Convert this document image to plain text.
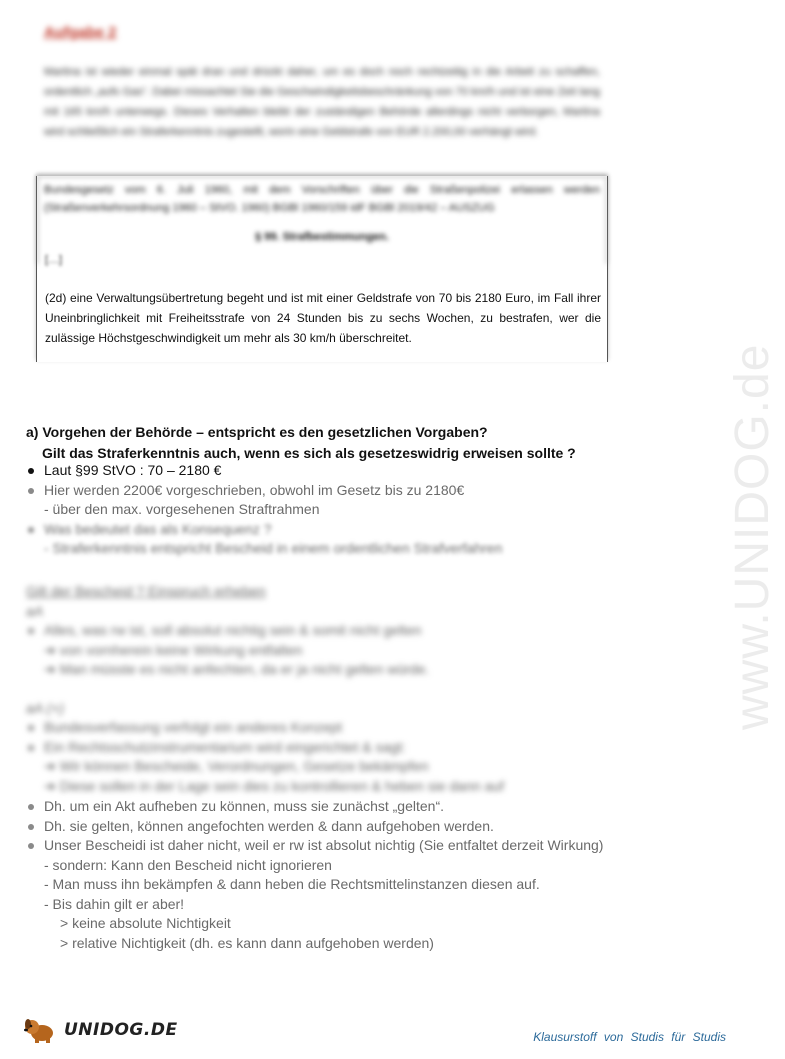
Aufgabe 2
Martina ist wieder einmal spät dran und drückt daher, um es doch noch rechtzeitig in die Arbeit zu schaffen, ordentlich „aufs Gas“. Dabei missachtet Sie die Geschwindigkeitsbeschränkung von 70 km/h und ist eine Zeit lang mit 165 km/h unterwegs. Dieses Verhalten bleibt der zuständigen Behörde allerdings nicht verborgen, Martina wird schließlich ein Straferkenntnis zugestellt, worin eine Geldstrafe von EUR 2.200,00 verhängt wird.
Bundesgesetz vom 6. Juli 1960, mit dem Vorschriften über die Straßenpolizei erlassen werden (Straßenverkehrsordnung 1960 – StVO. 1960) BGBl 1960/159 idF BGBl 2019/42 – AUSZUG
§ 99. Strafbestimmungen.
[…]
(2d) eine Verwaltungsübertretung begeht und ist mit einer Geldstrafe von 70 bis 2180 Euro, im Fall ihrer Uneinbringlichkeit mit Freiheitsstrafe von 24 Stunden bis zu sechs Wochen, zu bestrafen, wer die zulässige Höchstgeschwindigkeit um mehr als 30 km/h überschreitet.
a) Vorgehen der Behörde – entspricht es den gesetzlichen Vorgaben?
Gilt das Straferkenntnis auch, wenn es sich als gesetzeswidrig erweisen sollte ?
Laut §99 StVO : 70 – 2180 €
Hier werden 2200€ vorgeschrieben, obwohl im Gesetz bis zu 2180€
- über den max. vorgesehenen Straftrahmen
Was bedeutet das als Konsequenz ?
- Straferkenntnis entspricht Bescheid in einem ordentlichen Strafverfahren
Gilt der Bescheid ? Einspruch erheben
aA
Alles, was rw ist, soll absolut nichtig sein & somit nicht gelten
➔ von vornherein keine Wirkung entfalten
➔ Man müsste es nicht anfechten, da er ja nicht gelten würde.
aA (+)
Bundesverfassung verfolgt ein anderes Konzept
Ein Rechtsschutzinstrumentarium wird eingerichtet & sagt:
➔ Wir können Bescheide, Verordnungen, Gesetze bekämpfen
➔ Diese sollen in der Lage sein dies zu kontrollieren & heben sie dann auf
Dh. um ein Akt aufheben zu können, muss sie zunächst „gelten“.
Dh. sie gelten, können angefochten werden & dann aufgehoben werden.
Unser Bescheidi ist daher nicht, weil er rw ist absolut nichtig (Sie entfaltet derzeit Wirkung)
- sondern: Kann den Bescheid nicht ignorieren
- Man muss ihn bekämpfen & dann heben die Rechtsmittelinstanzen diesen auf.
- Bis dahin gilt er aber!
> keine absolute Nichtigkeit
> relative Nichtigkeit (dh. es kann dann aufgehoben werden)
www.UNIDOG.de
UNIDOG.DE	Klausurstoff von Studis für Studis
